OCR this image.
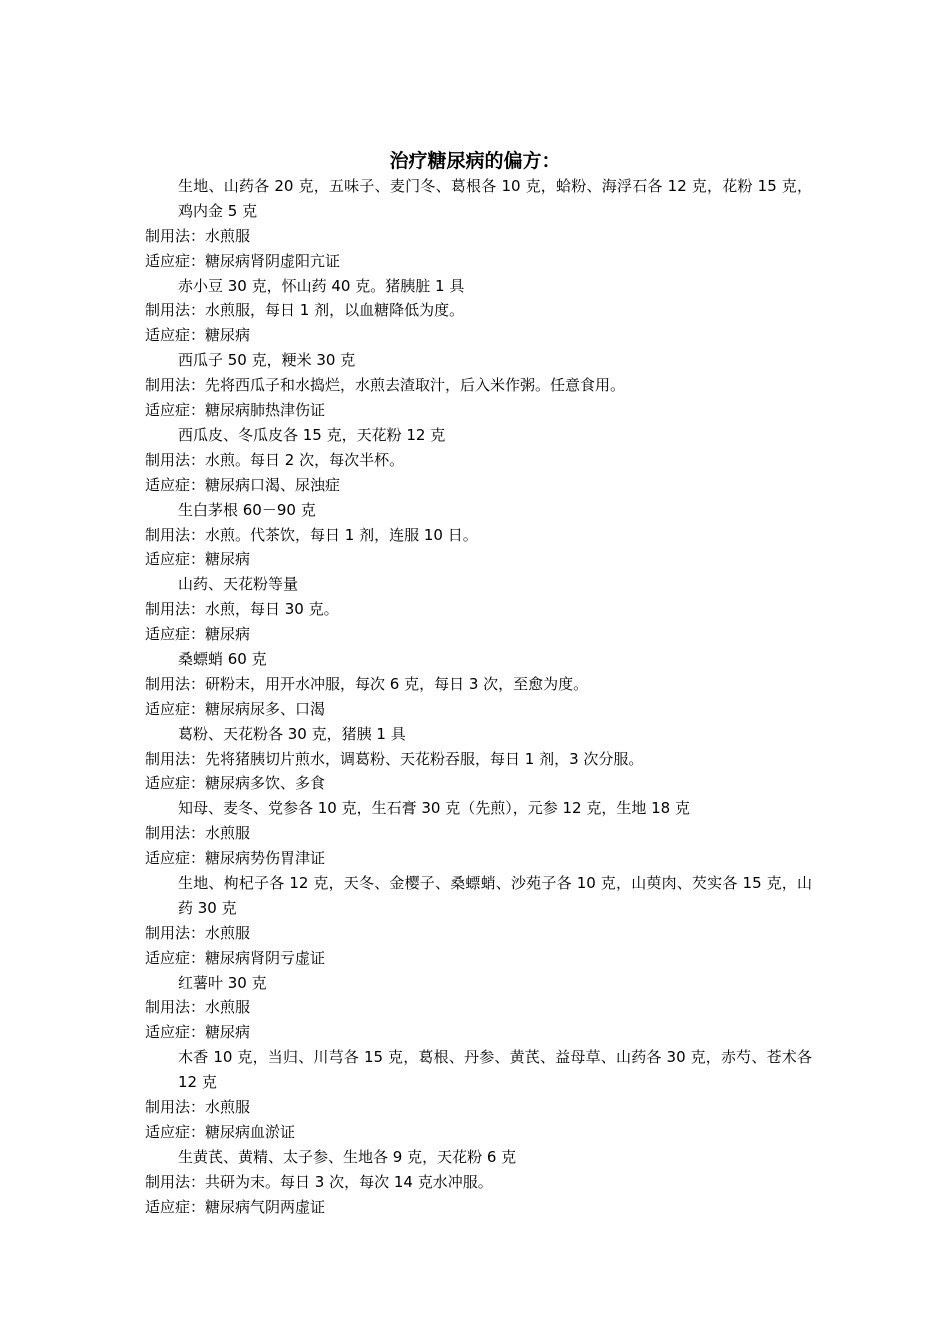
治疗糖尿病的偏方：
生地、山药各 20 克，五味子、麦门冬、葛根各 10 克，蛤粉、海浮石各 12 克，花粉 15 克，鸡内金 5 克
制用法：水煎服
适应症：糖尿病肾阴虚阳亢证
赤小豆 30 克，怀山药 40 克。猪胰脏 1 具
制用法：水煎服，每日 1 剂，以血糖降低为度。
适应症：糖尿病
西瓜子 50 克，粳米 30 克
制用法：先将西瓜子和水捣烂，水煎去渣取汁，后入米作粥。任意食用。
适应症：糖尿病肺热津伤证
西瓜皮、冬瓜皮各 15 克，天花粉 12 克
制用法：水煎。每日 2 次，每次半杯。
适应症：糖尿病口渴、尿浊症
生白茅根 60－90 克
制用法：水煎。代茶饮，每日 1 剂，连服 10 日。
适应症：糖尿病
山药、天花粉等量
制用法：水煎，每日 30 克。
适应症：糖尿病
桑螵蛸 60 克
制用法：研粉末，用开水冲服，每次 6 克，每日 3 次，至愈为度。
适应症：糖尿病尿多、口渴
葛粉、天花粉各 30 克，猪胰 1 具
制用法：先将猪胰切片煎水，调葛粉、天花粉吞服，每日 1 剂，3 次分服。
适应症：糖尿病多饮、多食
知母、麦冬、党参各 10 克，生石膏 30 克（先煎），元参 12 克，生地 18 克
制用法：水煎服
适应症：糖尿病势伤胃津证
生地、枸杞子各 12 克，天冬、金樱子、桑螵蛸、沙苑子各 10 克，山萸肉、芡实各 15 克，山药 30 克
制用法：水煎服
适应症：糖尿病肾阴亏虚证
红薯叶 30 克
制用法：水煎服
适应症：糖尿病
木香 10 克，当归、川芎各 15 克，葛根、丹参、黄芪、益母草、山药各 30 克，赤芍、苍术各 12 克
制用法：水煎服
适应症：糖尿病血淤证
生黄芪、黄精、太子参、生地各 9 克，天花粉 6 克
制用法：共研为末。每日 3 次，每次 14 克水冲服。
适应症：糖尿病气阴两虚证
